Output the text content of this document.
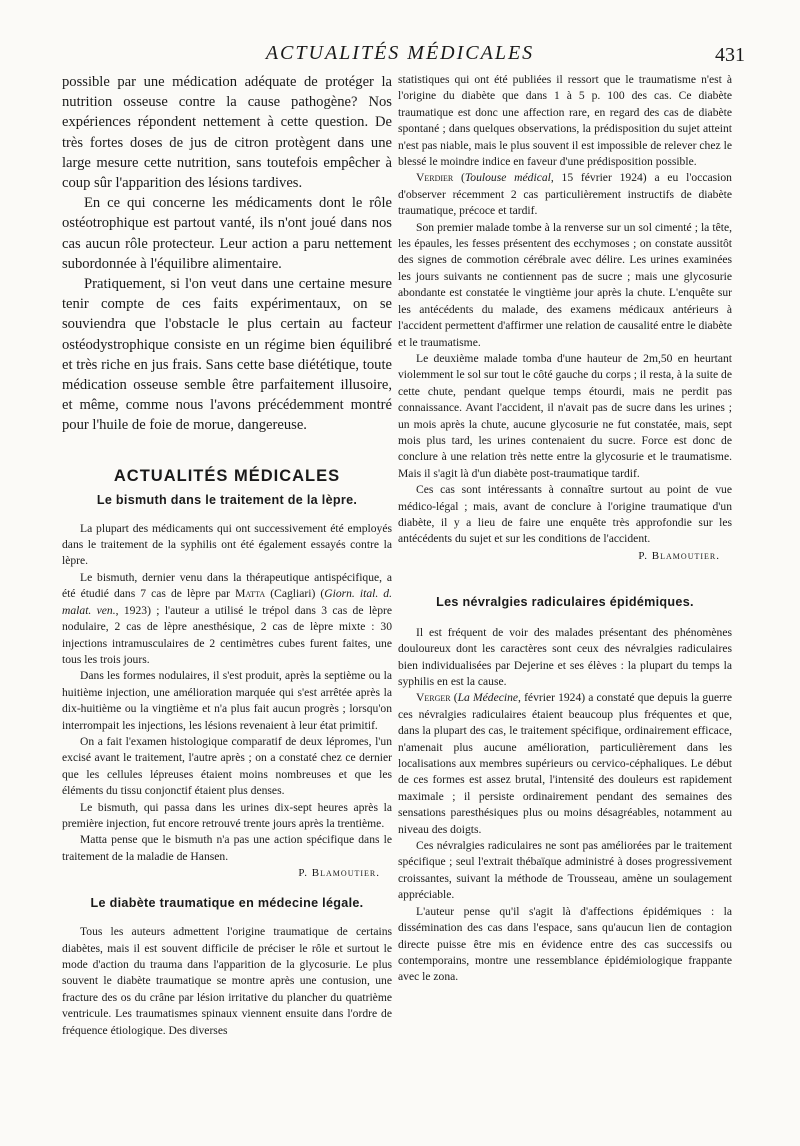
ACTUALITÉS MÉDICALES	431

possible par une médication adéquate de protéger la nutrition osseuse contre la cause pathogène? Nos expériences répondent nettement à cette question. De très fortes doses de jus de citron protègent dans une large mesure cette nutrition, sans toutefois empêcher à coup sûr l'apparition des lésions tardives.

En ce qui concerne les médicaments dont le rôle ostéotrophique est partout vanté, ils n'ont joué dans nos cas aucun rôle protecteur. Leur action a paru nettement subordonnée à l'équilibre alimentaire.

Pratiquement, si l'on veut dans une certaine mesure tenir compte de ces faits expérimentaux, on se souviendra que l'obstacle le plus certain au facteur ostéodystrophique consiste en un régime bien équilibré et très riche en jus frais. Sans cette base diététique, toute médication osseuse semble être parfaitement illusoire, et même, comme nous l'avons précédemment montré pour l'huile de foie de morue, dangereuse.

ACTUALITÉS MÉDICALES
Le bismuth dans le traitement de la lèpre.

La plupart des médicaments qui ont successivement été employés dans le traitement de la syphilis ont été également essayés contre la lèpre.

Le bismuth, dernier venu dans la thérapeutique antispécifique, a été étudié dans 7 cas de lèpre par Matta (Cagliari) (Giorn. ital. d. malat. ven., 1923) ; l'auteur a utilisé le trépol dans 3 cas de lèpre nodulaire, 2 cas de lèpre anesthésique, 2 cas de lèpre mixte : 30 injections intramusculaires de 2 centimètres cubes furent faites, une tous les trois jours.

Dans les formes nodulaires, il s'est produit, après la septième ou la huitième injection, une amélioration marquée qui s'est arrêtée après la dix-huitième ou la vingtième et n'a plus fait aucun progrès ; lorsqu'on interrompait les injections, les lésions revenaient à leur état primitif.

On a fait l'examen histologique comparatif de deux lépromes, l'un excisé avant le traitement, l'autre après ; on a constaté chez ce dernier que les cellules lépreuses étaient moins nombreuses et que les éléments du tissu conjonctif étaient plus denses.

Le bismuth, qui passa dans les urines dix-sept heures après la première injection, fut encore retrouvé trente jours après la trentième.

Matta pense que le bismuth n'a pas une action spécifique dans le traitement de la maladie de Hansen.

P. Blamoutier.
Le diabète traumatique en médecine légale.

Tous les auteurs admettent l'origine traumatique de certains diabètes, mais il est souvent difficile de préciser le rôle et surtout le mode d'action du trauma dans l'apparition de la glycosurie. Le plus souvent le diabète traumatique se montre après une contusion, une fracture des os du crâne par lésion irritative du plancher du quatrième ventricule. Les traumatismes spinaux viennent ensuite dans l'ordre de fréquence étiologique. Des diverses

statistiques qui ont été publiées il ressort que le traumatisme n'est à l'origine du diabète que dans 1 à 5 p. 100 des cas. Ce diabète traumatique est donc une affection rare, en regard des cas de diabète spontané ; dans quelques observations, la prédisposition du sujet atteint n'est pas niable, mais le plus souvent il est impossible de relever chez le blessé le moindre indice en faveur d'une prédisposition possible.

Verdier (Toulouse médical, 15 février 1924) a eu l'occasion d'observer récemment 2 cas particulièrement instructifs de diabète traumatique, précoce et tardif.

Son premier malade tombe à la renverse sur un sol cimenté ; la tête, les épaules, les fesses présentent des ecchymoses ; on constate aussitôt des signes de commotion cérébrale avec délire. Les urines examinées les jours suivants ne contiennent pas de sucre ; mais une glycosurie abondante est constatée le vingtième jour après la chute. L'enquête sur les antécédents du malade, des examens médicaux antérieurs à l'accident permettent d'affirmer une relation de causalité entre le diabète et le traumatisme.

Le deuxième malade tomba d'une hauteur de 2m,50 en heurtant violemment le sol sur tout le côté gauche du corps ; il resta, à la suite de cette chute, pendant quelque temps étourdi, mais ne perdit pas connaissance. Avant l'accident, il n'avait pas de sucre dans les urines ; un mois après la chute, aucune glycosurie ne fut constatée, mais, sept mois plus tard, les urines contenaient du sucre. Force est donc de conclure à une relation très nette entre la glycosurie et le traumatisme. Mais il s'agit là d'un diabète post-traumatique tardif.

Ces cas sont intéressants à connaître surtout au point de vue médico-légal ; mais, avant de conclure à l'origine traumatique d'un diabète, il y a lieu de faire une enquête très approfondie sur les antécédents du sujet et sur les conditions de l'accident.

P. Blamoutier.
Les névralgies radiculaires épidémiques.

Il est fréquent de voir des malades présentant des phénomènes douloureux dont les caractères sont ceux des névralgies radiculaires bien individualisées par Dejerine et ses élèves : la plupart du temps la syphilis en est la cause.

Verger (La Médecine, février 1924) a constaté que depuis la guerre ces névralgies radiculaires étaient beaucoup plus fréquentes et que, dans la plupart des cas, le traitement spécifique, ordinairement efficace, n'amenait plus aucune amélioration, particulièrement dans les localisations aux membres supérieurs ou cervico-céphaliques. Le début de ces formes est assez brutal, l'intensité des douleurs est rapidement maximale ; il persiste ordinairement pendant des semaines des sensations paresthésiques plus ou moins désagréables, notamment au niveau des doigts.

Ces névralgies radiculaires ne sont pas améliorées par le traitement spécifique ; seul l'extrait thébaïque administré à doses progressivement croissantes, suivant la méthode de Trousseau, amène un soulagement appréciable.

L'auteur pense qu'il s'agit là d'affections épidémiques : la dissémination des cas dans l'espace, sans qu'aucun lien de contagion directe puisse être mis en évidence entre des cas successifs ou contemporains, montre une ressemblance épidémiologique frappante avec le zona.
